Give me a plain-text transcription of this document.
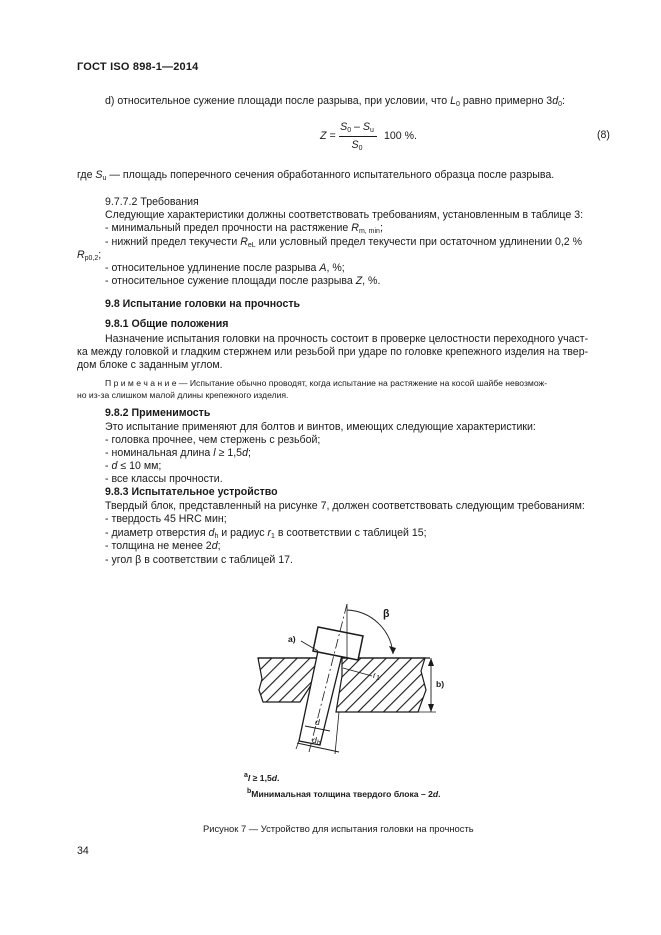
ГОСТ ISO 898-1—2014
d) относительное сужение площади после разрыва, при условии, что $L_0$ равно примерно $3d_0$:
Z =
$S_0 - S_u$
$S_0$
100 %.	(8)
где $S_u$ — площадь поперечного сечения обработанного испытательного образца после разрыва.
9.7.7.2 Требования
Следующие характеристики должны соответствовать требованиям, установленным в таблице 3:
- минимальный предел прочности на растяжение $R_{m, min}$;
- нижний предел текучести $R_{eL}$ или условный предел текучести при остаточном удлинении 0,2 %
$R_{p0,2}$;
- относительное удлинение после разрыва A, %;
- относительное сужение площади после разрыва Z, %.
9.8 Испытание головки на прочность
9.8.1 Общие положения
Назначение испытания головки на прочность состоит в проверке целостности переходного участ-
ка между головкой и гладким стержнем или резьбой при ударе по головке крепежного изделия на твер-
дом блоке с заданным углом.
П р и м е ч а н и е — Испытание обычно проводят, когда испытание на растяжение на косой шайбе невозмож-
но из-за слишком малой длины крепежного изделия.
9.8.2 Применимость
Это испытание применяют для болтов и винтов, имеющих следующие характеристики:
- головка прочнее, чем стержень с резьбой;
- номинальная длина l ≥ 1,5d;
- d ≤ 10 мм;
- все классы прочности.
9.8.3 Испытательное устройство
Твердый блок, представленный на рисунке 7, должен соответствовать следующим требованиям:
- твердость 45 HRC мин;
- диаметр отверстия $d_h$ и радиус $r_1$ в соответствии с таблицей 15;
- толщина не менее 2d;
- угол β в соответствии с таблицей 17.
a)
β
$r_1$
b)
d
$d_h$
$^a$l ≥ 1,5d.
$^b$Минимальная толщина твердого блока – 2d.
Рисунок 7 — Устройство для испытания головки на прочность
34
